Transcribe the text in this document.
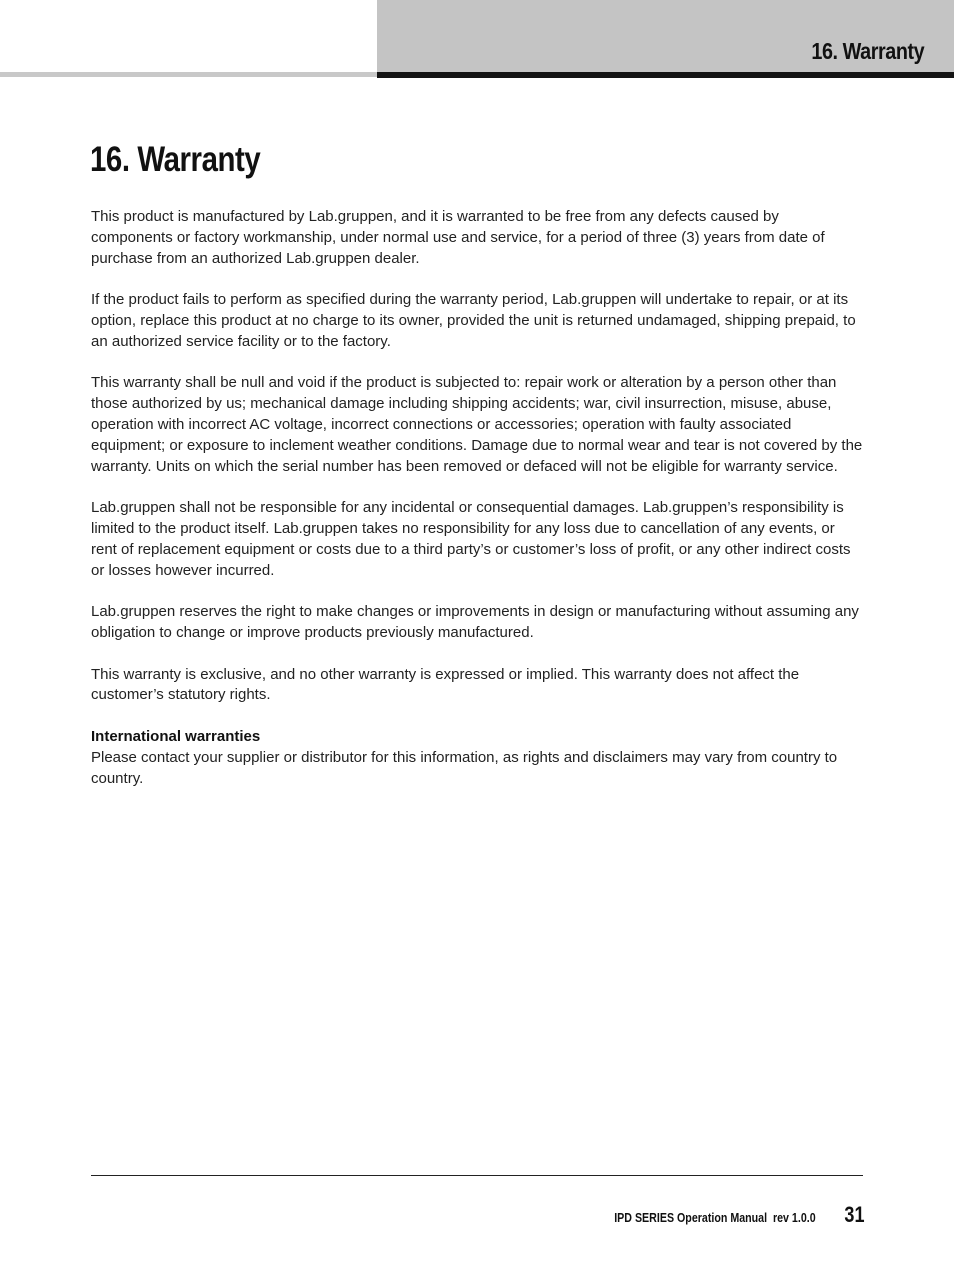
16. Warranty
16. Warranty

This product is manufactured by Lab.gruppen, and it is warranted to be free from any defects caused by components or factory workmanship, under normal use and service, for a period of three (3) years from date of purchase from an authorized Lab.gruppen dealer.

If the product fails to perform as specified during the warranty period, Lab.gruppen will undertake to repair, or at its option, replace this product at no charge to its owner, provided the unit is returned undamaged, shipping prepaid, to an authorized service facility or to the factory.

This warranty shall be null and void if the product is subjected to: repair work or alteration by a person other than those authorized by us; mechanical damage including shipping accidents; war, civil insurrection, misuse, abuse, operation with incorrect AC voltage, incorrect connections or accessories; operation with faulty associated equipment; or exposure to inclement weather conditions. Damage due to normal wear and tear is not covered by the warranty. Units on which the serial number has been removed or defaced will not be eligible for warranty service.

Lab.gruppen shall not be responsible for any incidental or consequential damages. Lab.gruppen’s responsibility is limited to the product itself. Lab.gruppen takes no responsibility for any loss due to cancellation of any events, or rent of replacement equipment or costs due to a third party’s or customer’s loss of profit, or any other indirect costs or losses however incurred.

Lab.gruppen reserves the right to make changes or improvements in design or manufacturing without assuming any obligation to change or improve products previously manufactured.

This warranty is exclusive, and no other warranty is expressed or implied. This warranty does not affect the customer’s statutory rights.

International warranties

Please contact your supplier or distributor for this information, as rights and disclaimers may vary from country to country.

IPD SERIES Operation Manual  rev 1.0.0 31
